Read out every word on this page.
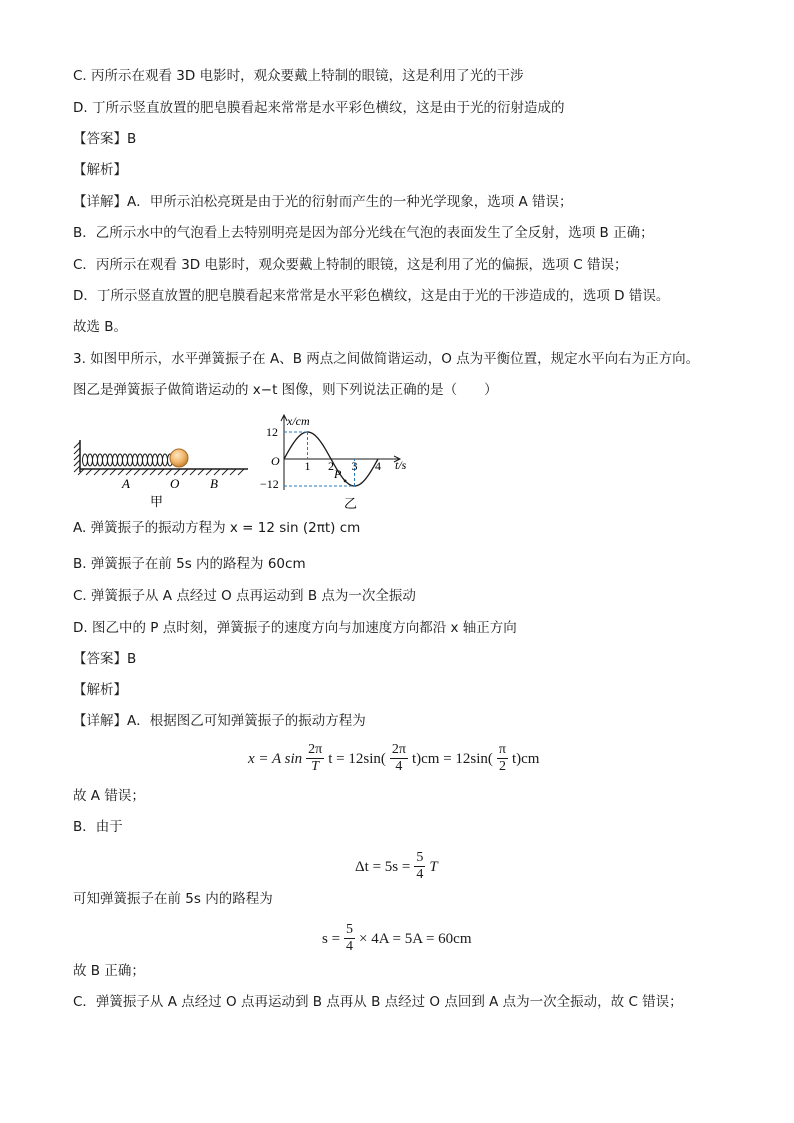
C. 丙所示在观看 3D 电影时，观众要戴上特制的眼镜，这是利用了光的干涉
D. 丁所示竖直放置的肥皂膜看起来常常是水平彩色横纹，这是由于光的衍射造成的
【答案】B
【解析】
【详解】A．甲所示泊松亮斑是由于光的衍射而产生的一种光学现象，选项 A 错误；
B．乙所示水中的气泡看上去特别明亮是因为部分光线在气泡的表面发生了全反射，选项 B 正确；
C．丙所示在观看 3D 电影时，观众要戴上特制的眼镜，这是利用了光的偏振，选项 C 错误；
D．丁所示竖直放置的肥皂膜看起来常常是水平彩色横纹，这是由于光的干涉造成的，选项 D 错误。
故选 B。
3. 如图甲所示，水平弹簧振子在 A、B 两点之间做简谐运动，O 点为平衡位置，规定水平向右为正方向。
图乙是弹簧振子做简谐运动的 x−t 图像，则下列说法正确的是（　　）
A	O B
甲
1 2 3 4
x/cm
t/s
O
12
−12
P
乙
A. 弹簧振子的振动方程为 x = 12 sin (2πt) cm
B. 弹簧振子在前 5s 内的路程为 60cm
C. 弹簧振子从 A 点经过 O 点再运动到 B 点为一次全振动
D. 图乙中的 P 点时刻，弹簧振子的速度方向与加速度方向都沿 x 轴正方向
【答案】B
【解析】
【详解】A．根据图乙可知弹簧振子的振动方程为
x = A $\sin \frac{2\pi}{T}$ $t = 12\sin( \frac{2\pi}{4} t)cm = 12\sin( \frac{\pi}{2} t)cm$
故 A 错误；
B．由于
$\Delta t = 5s = \frac{5}{4}$ T
可知弹簧振子在前 5s 内的路程为
$s = \frac{5}{4} \times 4A = 5A = 60cm$
故 B 正确；
C．弹簧振子从 A 点经过 O 点再运动到 B 点再从 B 点经过 O 点回到 A 点为一次全振动，故 C 错误；
